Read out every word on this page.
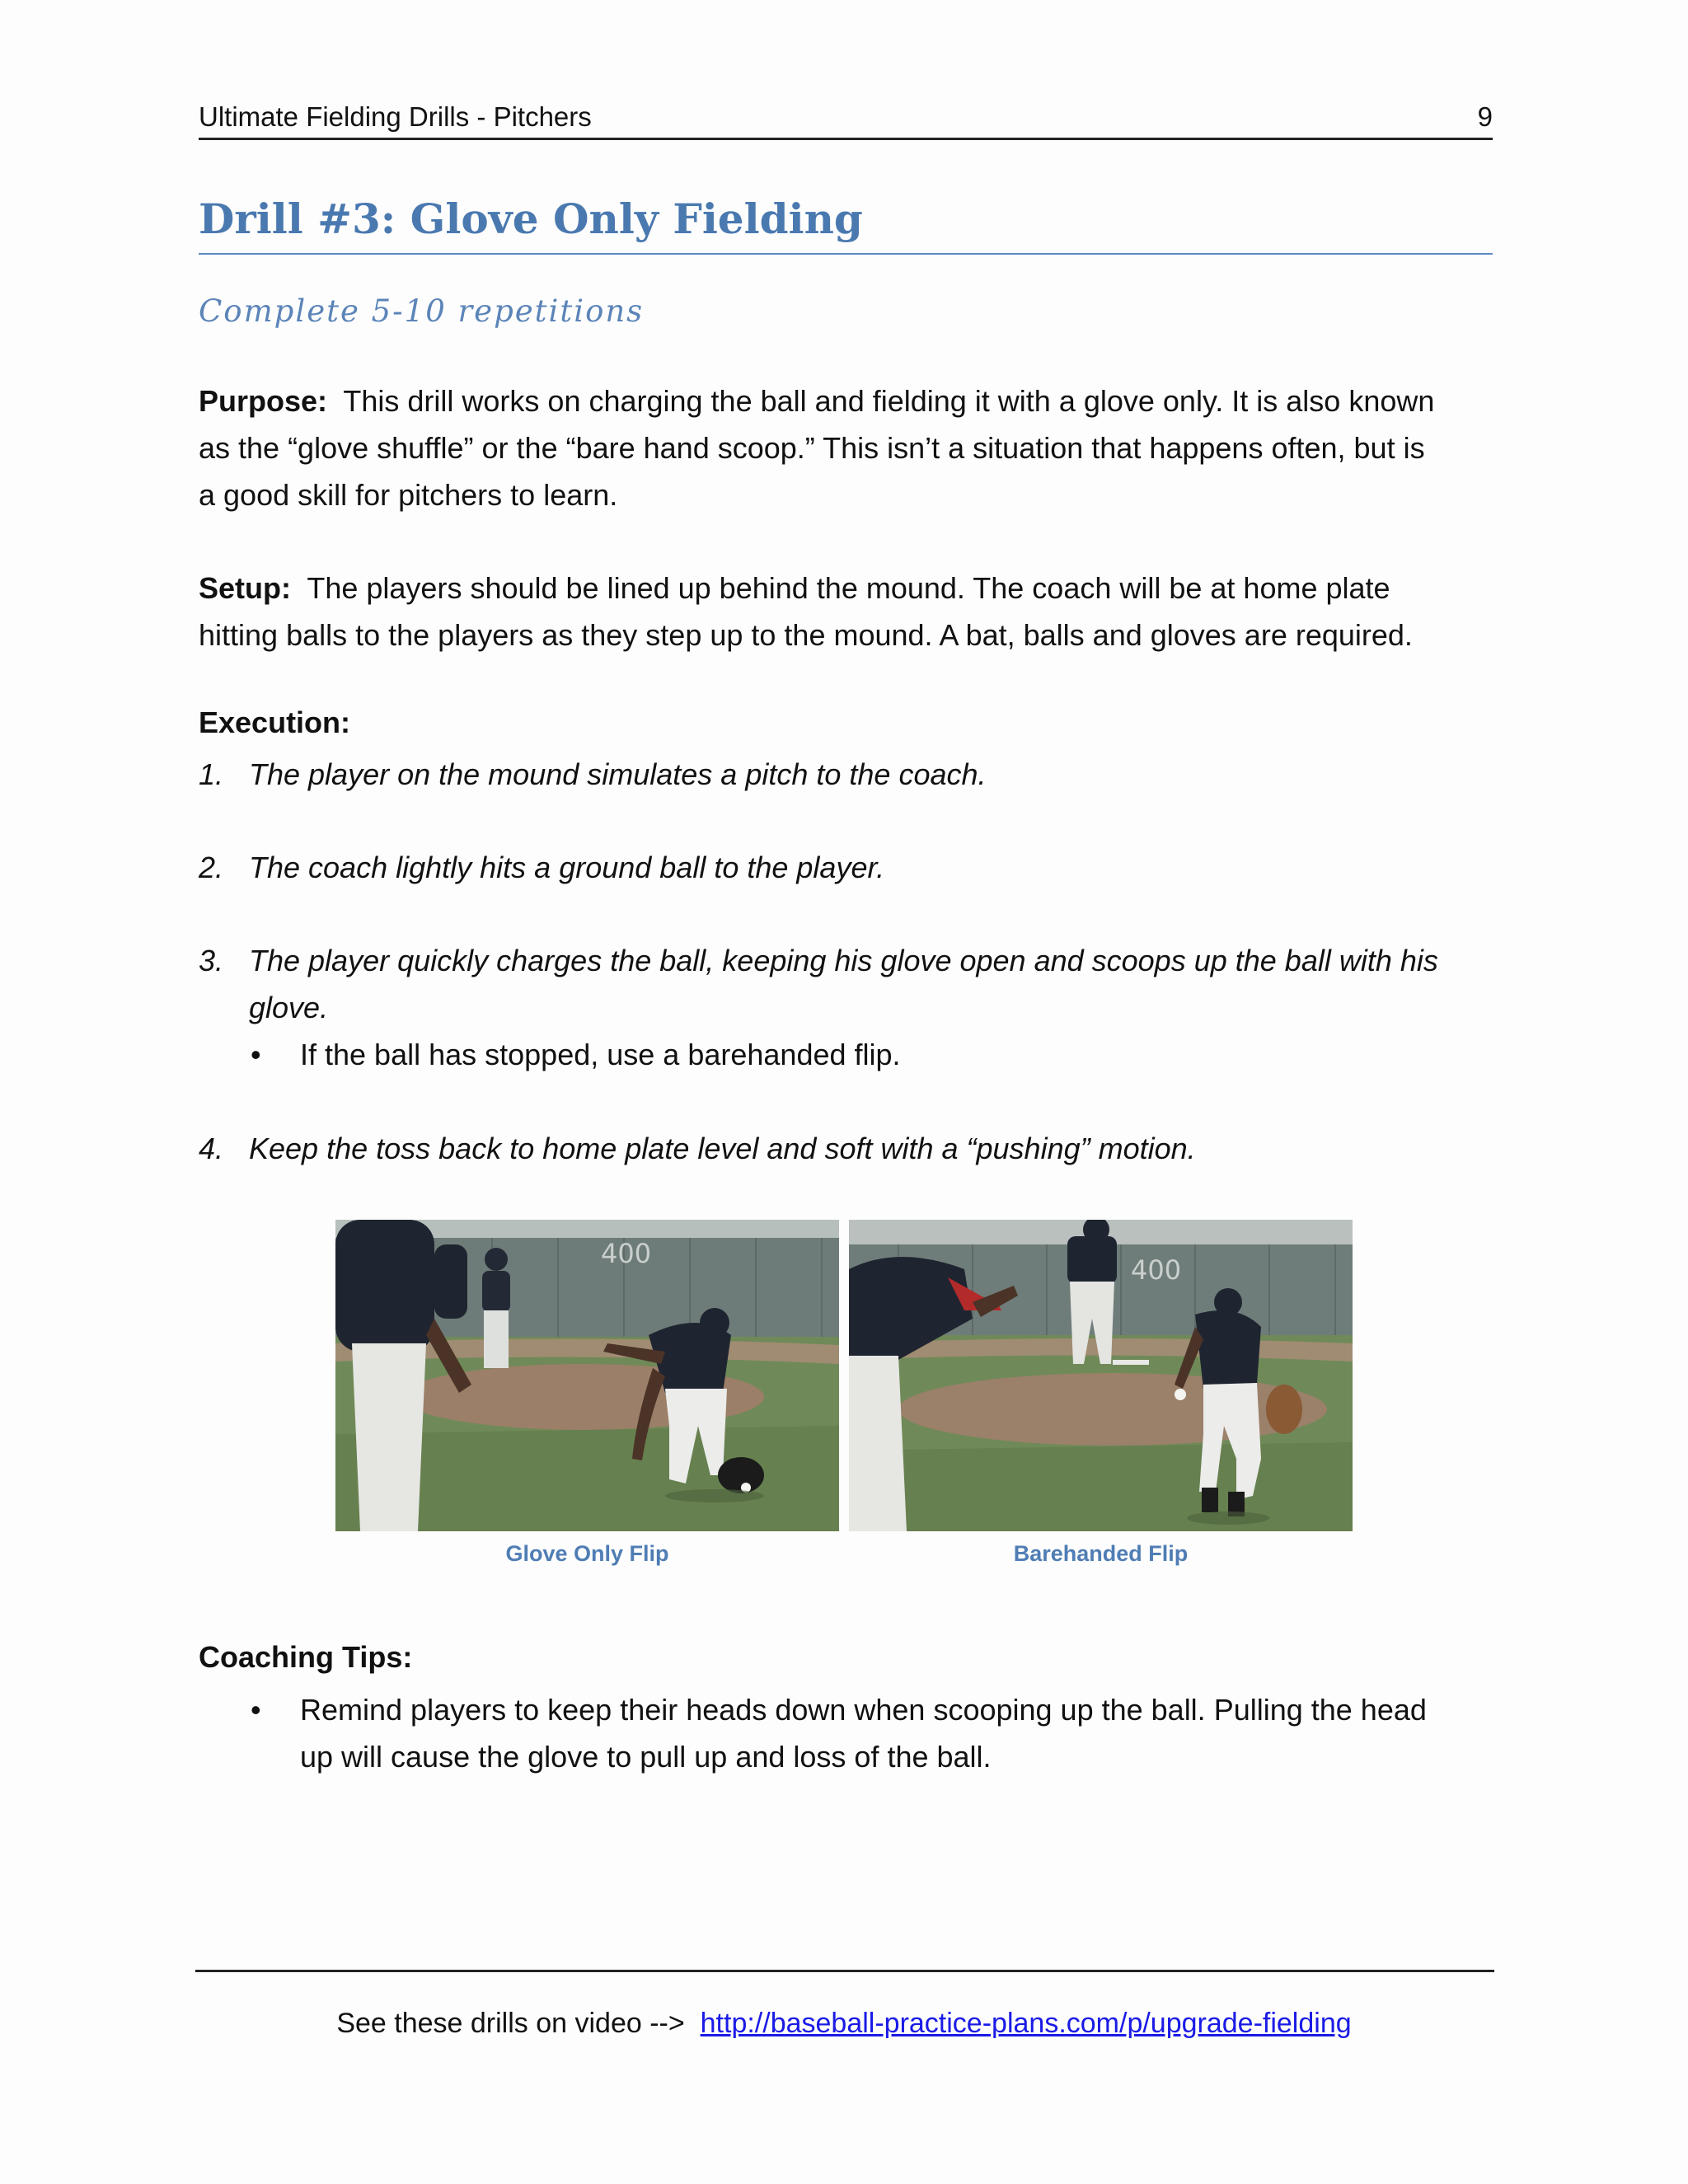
Ultimate Fielding Drills - Pitchers	9
Drill #3: Glove Only Fielding
Complete 5-10 repetitions
Purpose: This drill works on charging the ball and fielding it with a glove only. It is also known
as the “glove shuffle” or the “bare hand scoop.” This isn’t a situation that happens often, but is
a good skill for pitchers to learn.
Setup: The players should be lined up behind the mound. The coach will be at home plate
hitting balls to the players as they step up to the mound. A bat, balls and gloves are required.
Execution:
1. The player on the mound simulates a pitch to the coach.
2. The coach lightly hits a ground ball to the player.
3. The player quickly charges the ball, keeping his glove open and scoops up the ball with his
glove.
•	If the ball has stopped, use a barehanded flip.
4. Keep the toss back to home plate level and soft with a “pushing” motion.
400
400
Glove Only Flip	Barehanded Flip
Coaching Tips:
•	Remind players to keep their heads down when scooping up the ball. Pulling the head
up will cause the glove to pull up and loss of the ball.
See these drills on video --> http://baseball-practice-plans.com/p/upgrade-fielding
